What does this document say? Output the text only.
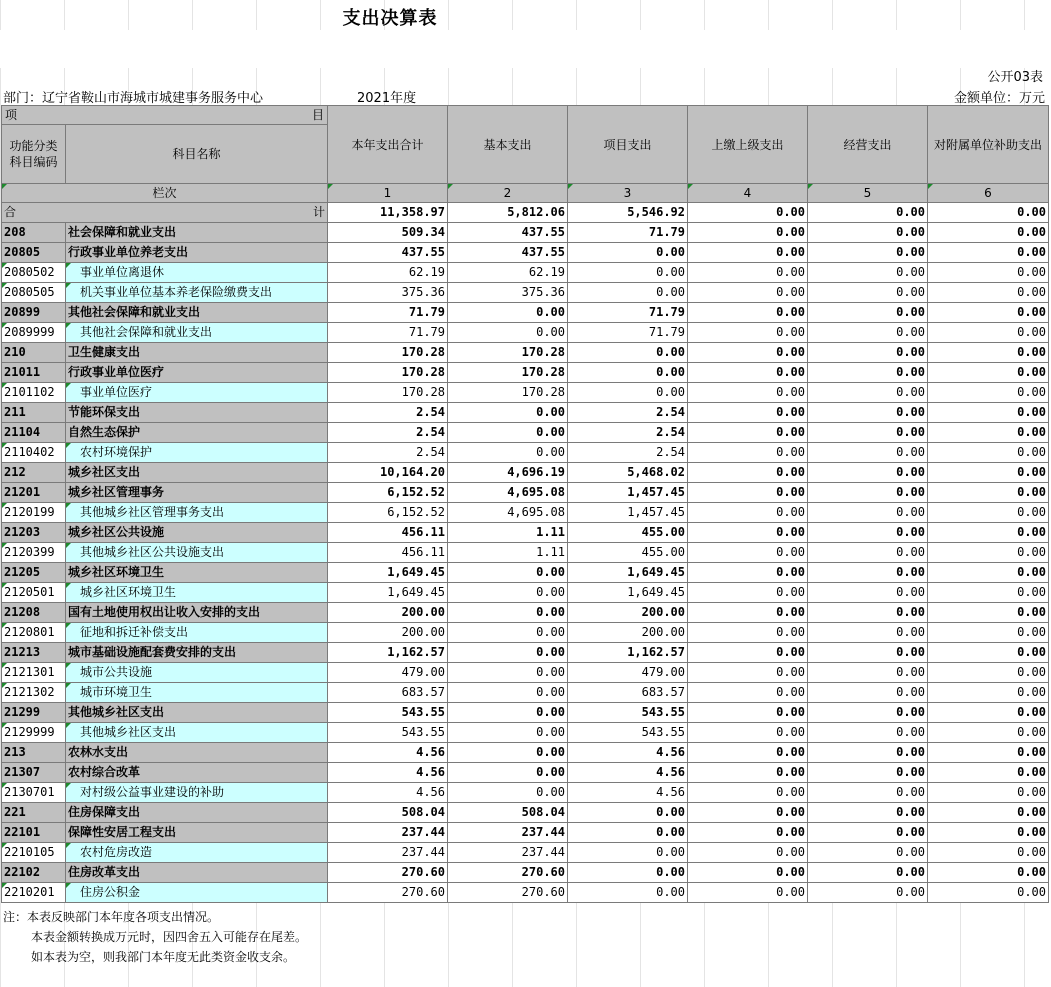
支出决算表
公开03表
部门：辽宁省鞍山市海城市城建事务服务中心	2021年度	金额单位：万元
项 目		本年支出合计	基本支出	项目支出	上缴上级支出	经营支出	对附属单位补助支出
功能分类科目编码	科目名称						
栏次		1	2	3	4	5	6
合 计		11,358.97	5,812.06	5,546.92	0.00	0.00	0.00
208	社会保障和就业支出	509.34	437.55	71.79	0.00	0.00	0.00
20805	行政事业单位养老支出	437.55	437.55	0.00	0.00	0.00	0.00
2080502	事业单位离退休	62.19	62.19	0.00	0.00	0.00	0.00
2080505	机关事业单位基本养老保险缴费支出	375.36	375.36	0.00	0.00	0.00	0.00
20899	其他社会保障和就业支出	71.79	0.00	71.79	0.00	0.00	0.00
2089999	其他社会保障和就业支出	71.79	0.00	71.79	0.00	0.00	0.00
210	卫生健康支出	170.28	170.28	0.00	0.00	0.00	0.00
21011	行政事业单位医疗	170.28	170.28	0.00	0.00	0.00	0.00
2101102	事业单位医疗	170.28	170.28	0.00	0.00	0.00	0.00
211	节能环保支出	2.54	0.00	2.54	0.00	0.00	0.00
21104	自然生态保护	2.54	0.00	2.54	0.00	0.00	0.00
2110402	农村环境保护	2.54	0.00	2.54	0.00	0.00	0.00
212	城乡社区支出	10,164.20	4,696.19	5,468.02	0.00	0.00	0.00
21201	城乡社区管理事务	6,152.52	4,695.08	1,457.45	0.00	0.00	0.00
2120199	其他城乡社区管理事务支出	6,152.52	4,695.08	1,457.45	0.00	0.00	0.00
21203	城乡社区公共设施	456.11	1.11	455.00	0.00	0.00	0.00
2120399	其他城乡社区公共设施支出	456.11	1.11	455.00	0.00	0.00	0.00
21205	城乡社区环境卫生	1,649.45	0.00	1,649.45	0.00	0.00	0.00
2120501	城乡社区环境卫生	1,649.45	0.00	1,649.45	0.00	0.00	0.00
21208	国有土地使用权出让收入安排的支出	200.00	0.00	200.00	0.00	0.00	0.00
2120801	征地和拆迁补偿支出	200.00	0.00	200.00	0.00	0.00	0.00
21213	城市基础设施配套费安排的支出	1,162.57	0.00	1,162.57	0.00	0.00	0.00
2121301	城市公共设施	479.00	0.00	479.00	0.00	0.00	0.00
2121302	城市环境卫生	683.57	0.00	683.57	0.00	0.00	0.00
21299	其他城乡社区支出	543.55	0.00	543.55	0.00	0.00	0.00
2129999	其他城乡社区支出	543.55	0.00	543.55	0.00	0.00	0.00
213	农林水支出	4.56	0.00	4.56	0.00	0.00	0.00
21307	农村综合改革	4.56	0.00	4.56	0.00	0.00	0.00
2130701	对村级公益事业建设的补助	4.56	0.00	4.56	0.00	0.00	0.00
221	住房保障支出	508.04	508.04	0.00	0.00	0.00	0.00
22101	保障性安居工程支出	237.44	237.44	0.00	0.00	0.00	0.00
2210105	农村危房改造	237.44	237.44	0.00	0.00	0.00	0.00
22102	住房改革支出	270.60	270.60	0.00	0.00	0.00	0.00
2210201	住房公积金	270.60	270.60	0.00	0.00	0.00	0.00
注：本表反映部门本年度各项支出情况。
本表金额转换成万元时，因四舍五入可能存在尾差。
如本表为空，则我部门本年度无此类资金收支余。
